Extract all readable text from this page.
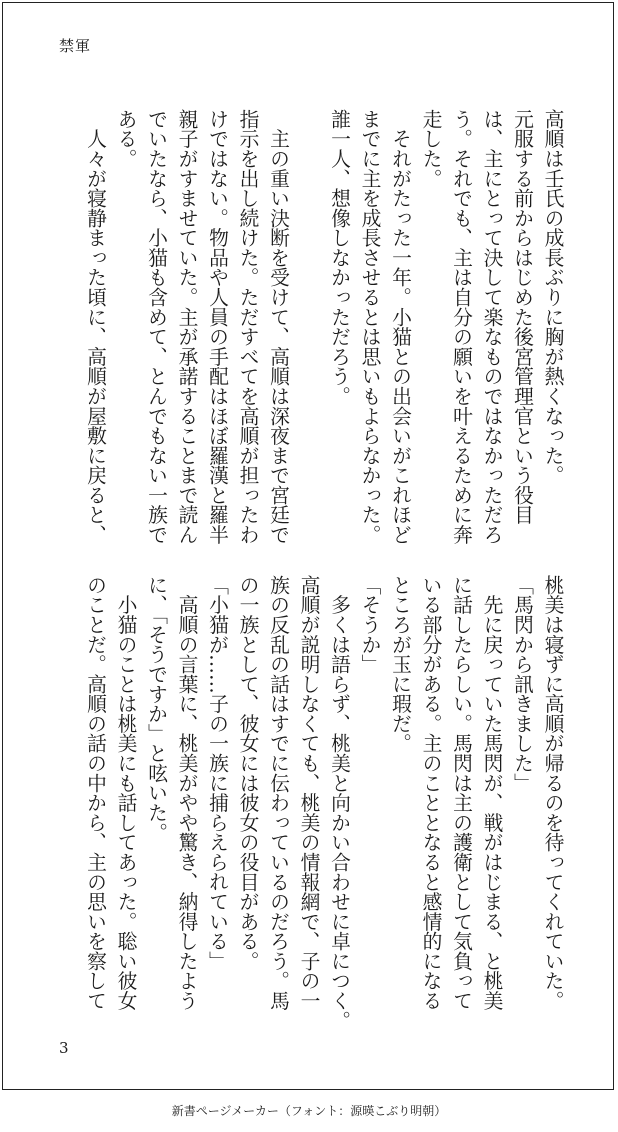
禁軍
高順は壬氏の成長ぶりに胸が熱くなった。
元服する前からはじめた後宮管理官という役目
は、主にとって決して楽なものではなかっただろ
う。それでも、主は自分の願いを叶えるために奔
走した。
　それがたった一年。小猫との出会いがこれほど
までに主を成長させるとは思いもよらなかった。
誰一人、想像しなかっただろう。

　主の重い決断を受けて、高順は深夜まで宮廷で
指示を出し続けた。ただすべてを高順が担ったわ
けではない。物品や人員の手配はほぼ羅漢と羅半
親子がすませていた。主が承諾することまで読ん
でいたなら、小猫も含めて、とんでもない一族で
ある。
　人々が寝静まった頃に、高順が屋敷に戻ると、
桃美は寝ずに高順が帰るのを待ってくれていた。
「馬閃から訊きました」
　先に戻っていた馬閃が、戦がはじまる、と桃美
に話したらしい。馬閃は主の護衛として気負って
いる部分がある。主のこととなると感情的になる
ところが玉に瑕だ。
「そうか」
　多くは語らず、桃美と向かい合わせに卓につく。
高順が説明しなくても、桃美の情報網で、子の一
族の反乱の話はすでに伝わっているのだろう。馬
の一族として、彼女には彼女の役目がある。
「小猫が……子の一族に捕らえられている」
　高順の言葉に、桃美がやや驚き、納得したよう
に、「そうですか」と呟いた。
　小猫のことは桃美にも話してあった。聡い彼女
のことだ。高順の話の中から、主の思いを察して
3
新書ページメーカー（フォント：源暎こぶり明朝）
